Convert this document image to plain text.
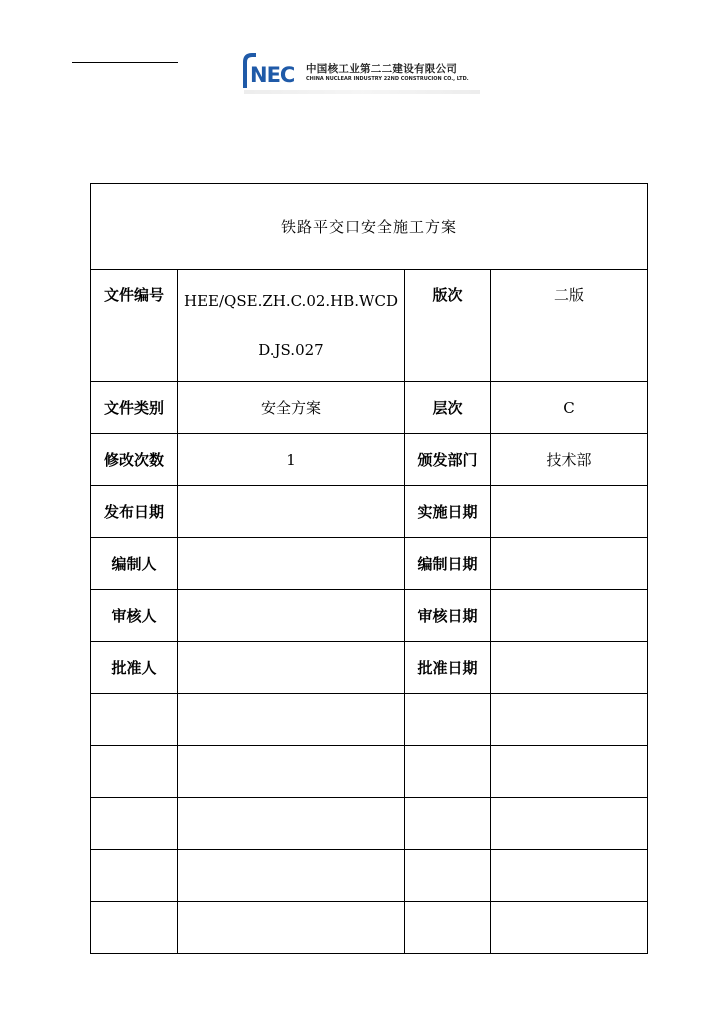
NEC 中国核工业第二二建设有限公司
CHINA NUCLEAR INDUSTRY 22ND CONSTRUCION CO., LTD.
铁路平交口安全施工方案			
文件编号	HEE/QSE.ZH.C.02.HB.WCDD.JS.027	版次	二版
文件类别	安全方案	层次	C
修改次数	1	颁发部门	技术部
发布日期		实施日期	
编制人		编制日期	
审核人		审核日期	
批准人		批准日期	
